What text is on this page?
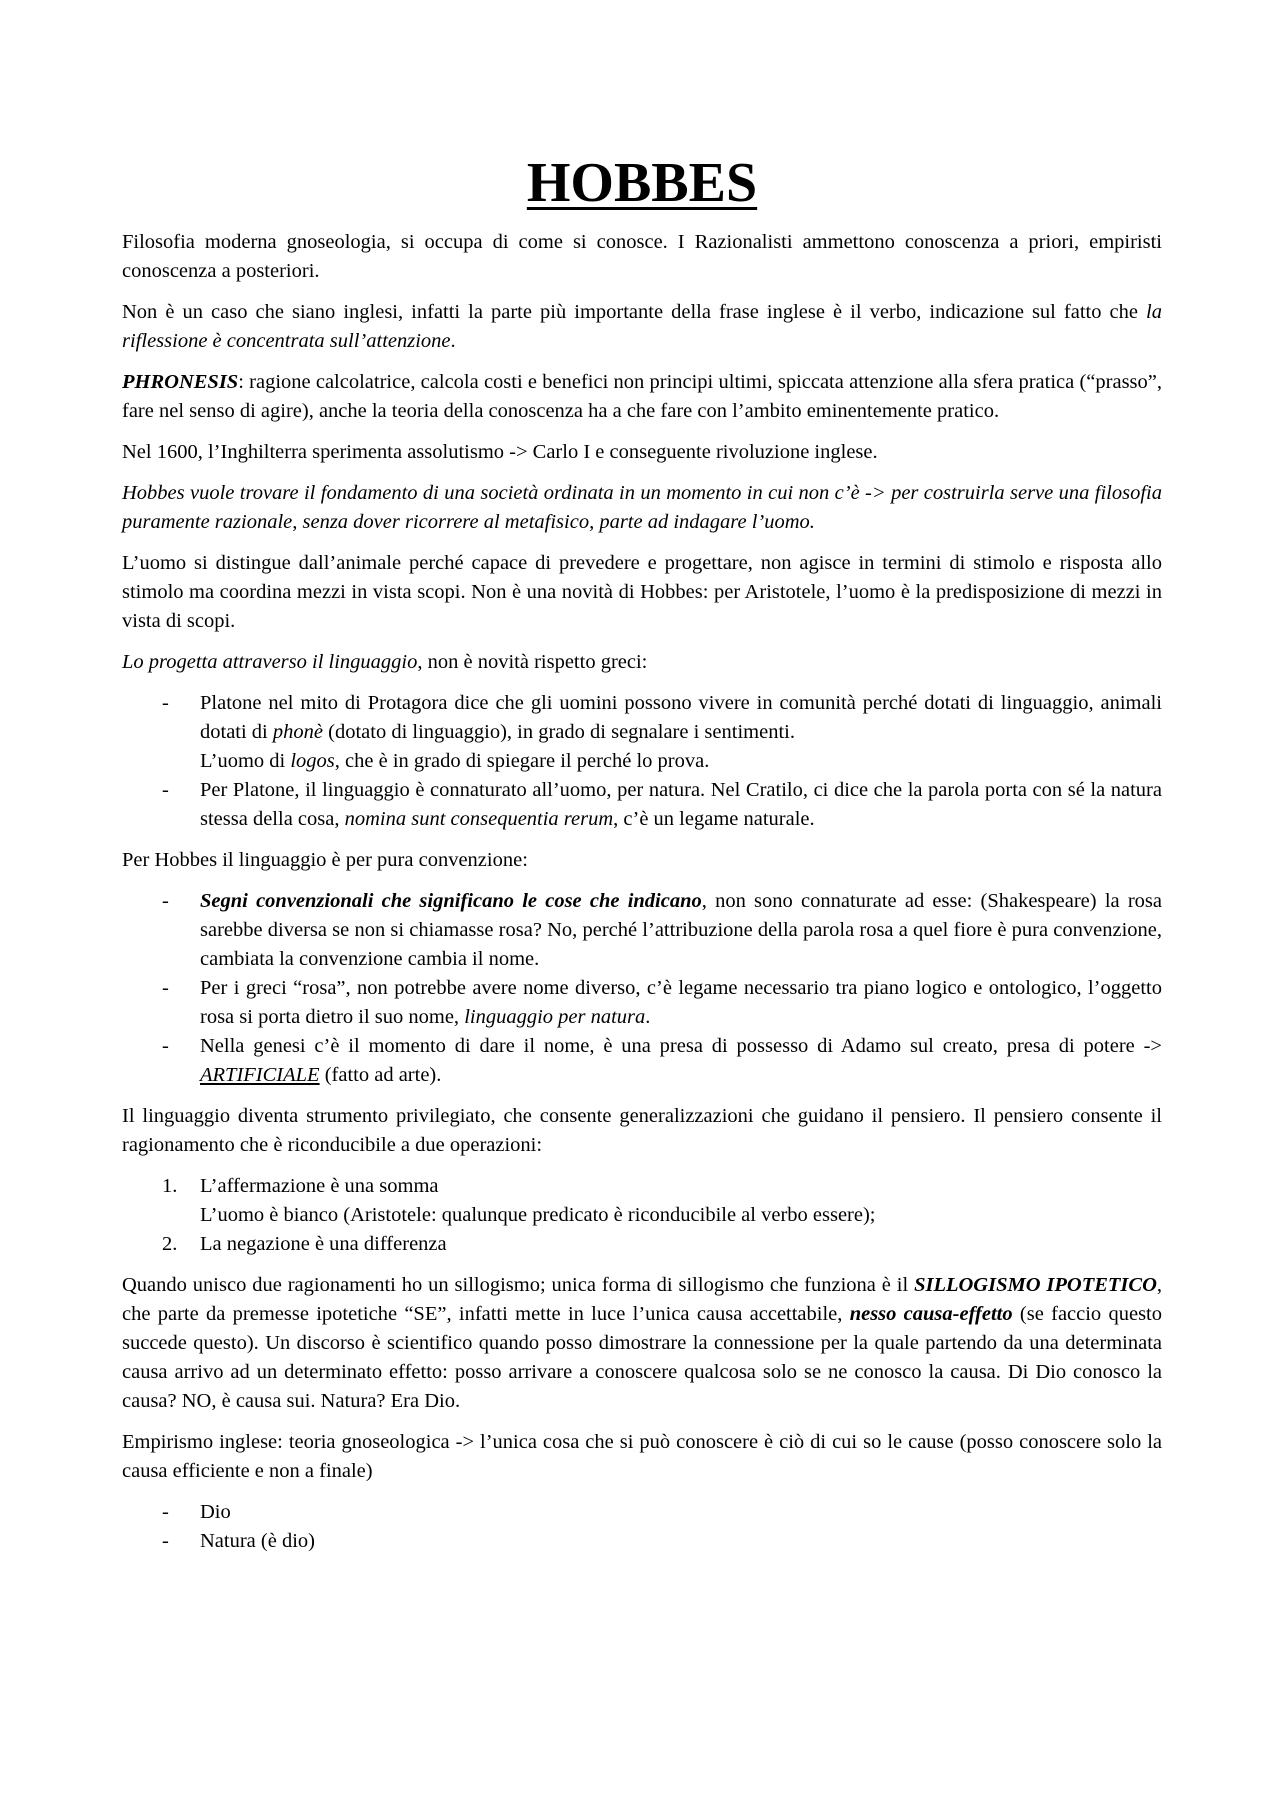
HOBBES

Filosofia moderna gnoseologia, si occupa di come si conosce. I Razionalisti ammettono conoscenza a priori, empiristi conoscenza a posteriori.

Non è un caso che siano inglesi, infatti la parte più importante della frase inglese è il verbo, indicazione sul fatto che la riflessione è concentrata sull’attenzione.

PHRONESIS: ragione calcolatrice, calcola costi e benefici non principi ultimi, spiccata attenzione alla sfera pratica (“prasso”, fare nel senso di agire), anche la teoria della conoscenza ha a che fare con l’ambito eminentemente pratico.

Nel 1600, l’Inghilterra sperimenta assolutismo -> Carlo I e conseguente rivoluzione inglese.

Hobbes vuole trovare il fondamento di una società ordinata in un momento in cui non c’è -> per costruirla serve una filosofia puramente razionale, senza dover ricorrere al metafisico, parte ad indagare l’uomo.

L’uomo si distingue dall’animale perché capace di prevedere e progettare, non agisce in termini di stimolo e risposta allo stimolo ma coordina mezzi in vista scopi. Non è una novità di Hobbes: per Aristotele, l’uomo è la predisposizione di mezzi in vista di scopi.

Lo progetta attraverso il linguaggio, non è novità rispetto greci:

- Platone nel mito di Protagora dice che gli uomini possono vivere in comunità perché dotati di linguaggio, animali dotati di phonè (dotato di linguaggio), in grado di segnalare i sentimenti.
L’uomo di logos, che è in grado di spiegare il perché lo prova.
- Per Platone, il linguaggio è connaturato all’uomo, per natura. Nel Cratilo, ci dice che la parola porta con sé la natura stessa della cosa, nomina sunt consequentia rerum, c’è un legame naturale.

Per Hobbes il linguaggio è per pura convenzione:

- Segni convenzionali che significano le cose che indicano, non sono connaturate ad esse: (Shakespeare) la rosa sarebbe diversa se non si chiamasse rosa? No, perché l’attribuzione della parola rosa a quel fiore è pura convenzione, cambiata la convenzione cambia il nome.
- Per i greci “rosa”, non potrebbe avere nome diverso, c’è legame necessario tra piano logico e ontologico, l’oggetto rosa si porta dietro il suo nome, linguaggio per natura.
- Nella genesi c’è il momento di dare il nome, è una presa di possesso di Adamo sul creato, presa di potere -> ARTIFICIALE (fatto ad arte).

Il linguaggio diventa strumento privilegiato, che consente generalizzazioni che guidano il pensiero. Il pensiero consente il ragionamento che è riconducibile a due operazioni:

1. L’affermazione è una somma
L’uomo è bianco (Aristotele: qualunque predicato è riconducibile al verbo essere);
2. La negazione è una differenza

Quando unisco due ragionamenti ho un sillogismo; unica forma di sillogismo che funziona è il SILLOGISMO IPOTETICO, che parte da premesse ipotetiche “SE”, infatti mette in luce l’unica causa accettabile, nesso causa-effetto (se faccio questo succede questo). Un discorso è scientifico quando posso dimostrare la connessione per la quale partendo da una determinata causa arrivo ad un determinato effetto: posso arrivare a conoscere qualcosa solo se ne conosco la causa. Di Dio conosco la causa? NO, è causa sui. Natura? Era Dio.

Empirismo inglese: teoria gnoseologica -> l’unica cosa che si può conoscere è ciò di cui so le cause (posso conoscere solo la causa efficiente e non a finale)

- Dio
- Natura (è dio)
